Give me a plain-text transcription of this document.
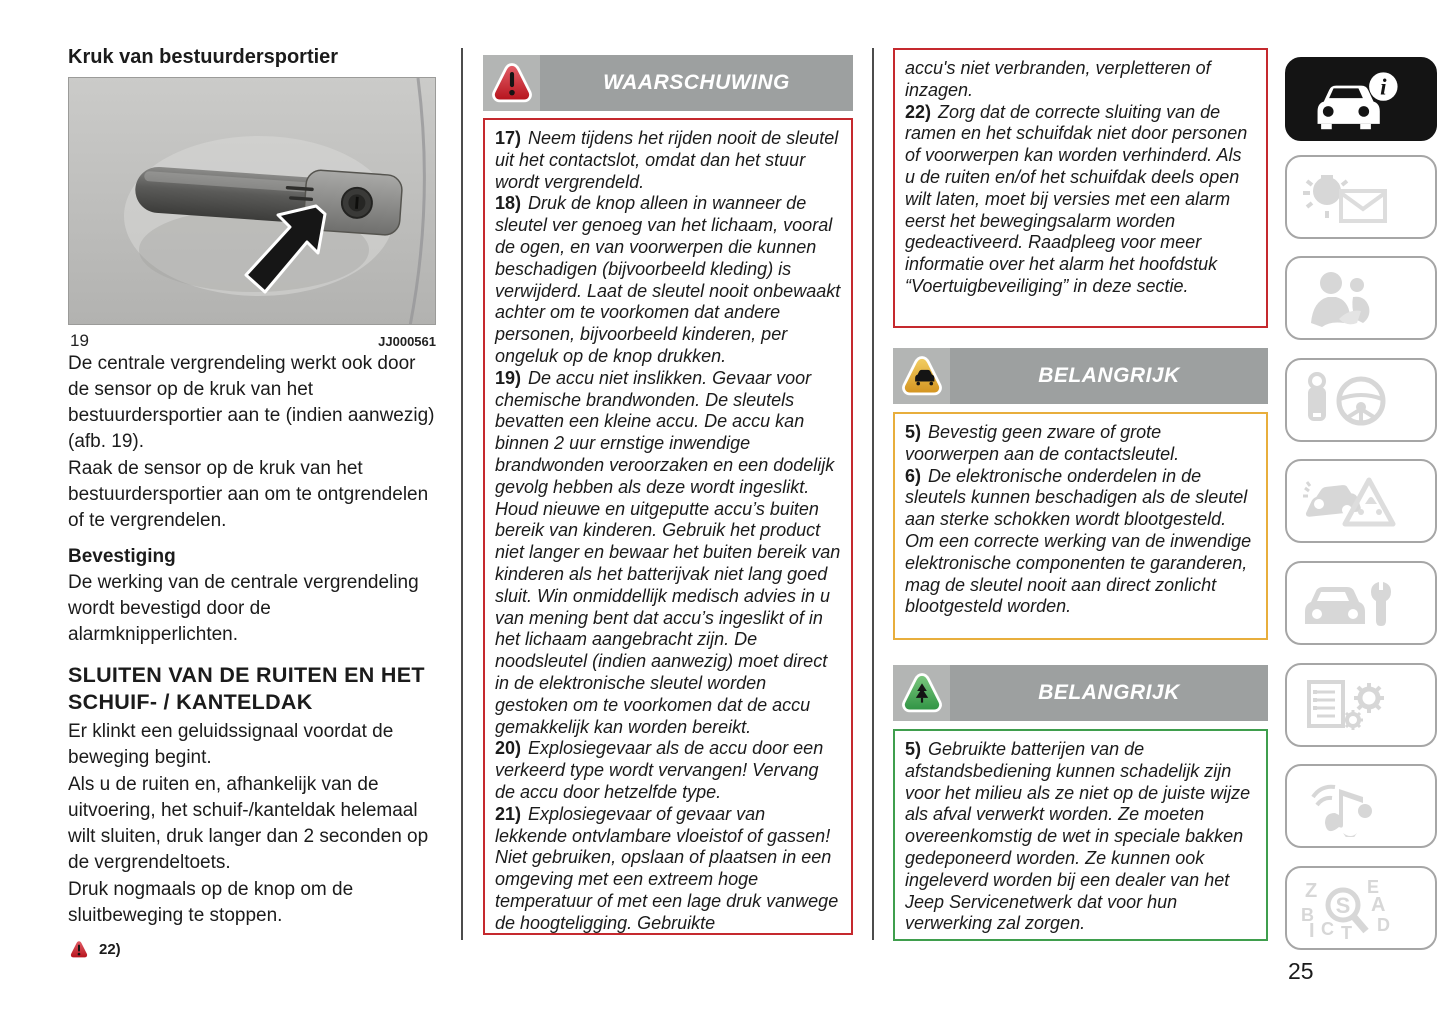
Kruk van bestuurdersportier
19	JJ000561

De centrale vergrendeling werkt ook door de sensor op de kruk van het bestuurdersportier aan te (indien aanwezig) (afb. 19).

Raak de sensor op de kruk van het bestuurdersportier aan om te ontgrendelen of te vergrendelen.

Bevestiging

De werking van de centrale vergrendeling wordt bevestigd door de alarmknipperlichten.

SLUITEN VAN DE RUITEN EN HET SCHUIF- / KANTELDAK

Er klinkt een geluidssignaal voordat de beweging begint.

Als u de ruiten en, afhankelijk van de uitvoering, het schuif-/kanteldak helemaal wilt sluiten, druk langer dan 2 seconden op de vergrendeltoets.

Druk nogmaals op de knop om de sluitbeweging te stoppen.

22)
WAARSCHUWING

17) Neem tijdens het rijden nooit de sleutel uit het contactslot, omdat dan het stuur wordt vergrendeld.

18) Druk de knop alleen in wanneer de sleutel ver genoeg van het lichaam, vooral de ogen, en van voorwerpen die kunnen beschadigen (bijvoorbeeld kleding) is verwijderd. Laat de sleutel nooit onbewaakt achter om te voorkomen dat andere personen, bijvoorbeeld kinderen, per ongeluk op de knop drukken.

19) De accu niet inslikken. Gevaar voor chemische brandwonden. De sleutels bevatten een kleine accu. De accu kan binnen 2 uur ernstige inwendige brandwonden veroorzaken en een dodelijk gevolg hebben als deze wordt ingeslikt. Houd nieuwe en uitgeputte accu’s buiten bereik van kinderen. Gebruik het product niet langer en bewaar het buiten bereik van kinderen als het batterijvak niet lang goed sluit. Win onmiddellijk medisch advies in u van mening bent dat accu’s ingeslikt of in het lichaam aangebracht zijn. De noodsleutel (indien aanwezig) moet direct in de elektronische sleutel worden gestoken om te voorkomen dat de accu gemakkelijk kan worden bereikt.

20) Explosiegevaar als de accu door een verkeerd type wordt vervangen! Vervang de accu door hetzelfde type.

21) Explosiegevaar of gevaar van lekkende ontvlambare vloeistof of gassen! Niet gebruiken, opslaan of plaatsen in een omgeving met een extreem hoge temperatuur of met een lage druk vanwege de hoogteligging. Gebruikte

accu's niet verbranden, verpletteren of inzagen.

22) Zorg dat de correcte sluiting van de ramen en het schuifdak niet door personen of voorwerpen kan worden verhinderd. Als u de ruiten en/of het schuifdak deels open wilt laten, moet bij versies met een alarm eerst het bewegingsalarm worden gedeactiveerd. Raadpleeg voor meer informatie over het alarm het hoofdstuk “Voertuigbeveiliging” in deze sectie.

BELANGRIJK

5) Bevestig geen zware of grote voorwerpen aan de contactsleutel.

6) De elektronische onderdelen in de sleutels kunnen beschadigen als de sleutel aan sterke schokken wordt blootgesteld. Om een correcte werking van de inwendige elektronische componenten te garanderen, mag de sleutel nooit aan direct zonlicht blootgesteld worden.

BELANGRIJK

5) Gebruikte batterijen van de afstandsbediening kunnen schadelijk zijn voor het milieu als ze niet op de juiste wijze als afval verwerkt worden. Ze moeten overeenkomstig de wet in speciale bakken gedeponeerd worden. Ze kunnen ook ingeleverd worden bij een dealer van het Jeep Servicenetwerk dat voor hun verwerking zal zorgen.

i
Z	E
B	A
I C T D
S
25
